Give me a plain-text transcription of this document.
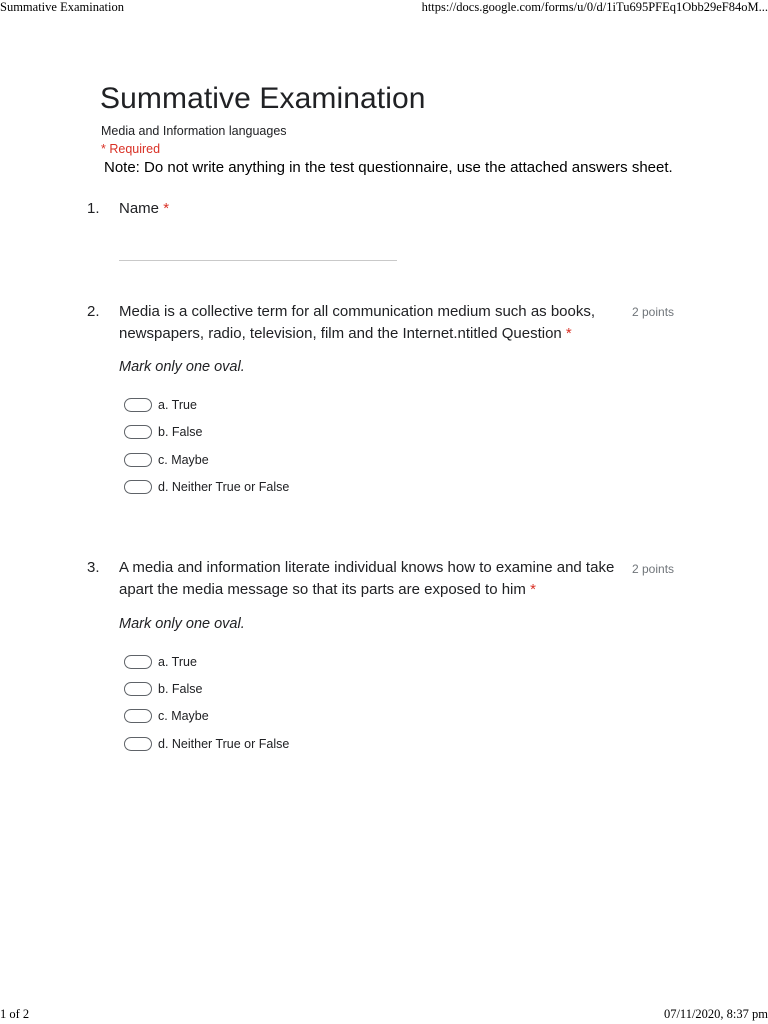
Summative Examination	https://docs.google.com/forms/u/0/d/1iTu695PFEq1Obb29eF84oM...
Summative Examination
Media and Information languages
* Required
Note: Do not write anything in the test questionnaire, use the attached answers sheet.
1. Name *
2. Media is a collective term for all communication medium such as books, newspapers, radio, television, film and the Internet.ntitled Question *
2 points
Mark only one oval.
a. True
b. False
c. Maybe
d. Neither True or False
3. A media and information literate individual knows how to examine and take apart the media message so that its parts are exposed to him *
2 points
Mark only one oval.
a. True
b. False
c. Maybe
d. Neither True or False
1 of 2	07/11/2020, 8:37 pm
